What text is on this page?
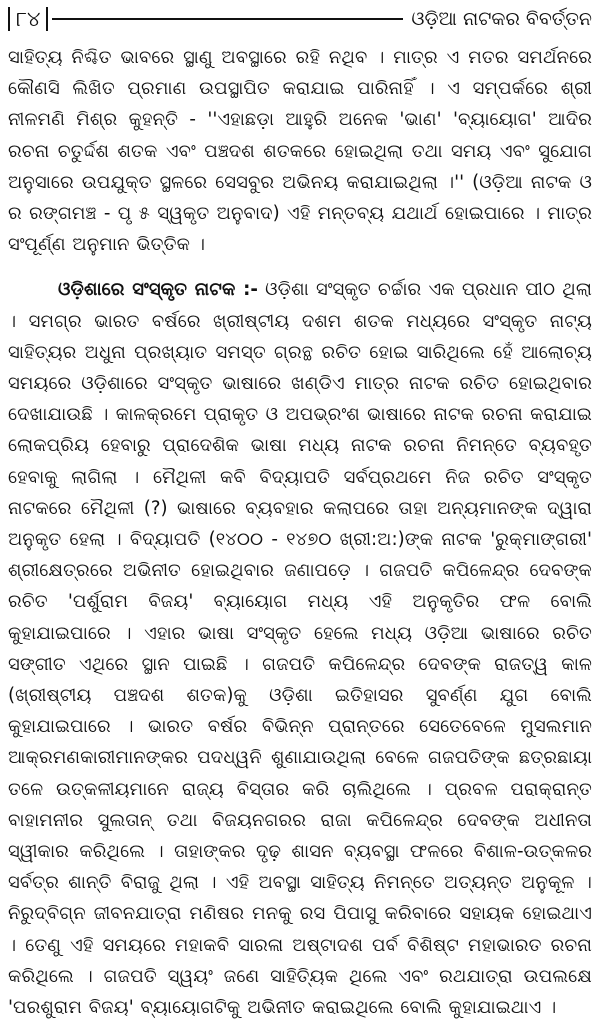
୮୪	ଓଡ଼ିଆ ନାଟକର ବିବର୍ତ୍ତନ

ସାହିତ୍ୟ ନିଶ୍ଚିତ ଭାବରେ ସ୍ଥାଣୁ ଅବସ୍ଥାରେ ରହି ନଥିବ । ମାତ୍ର ଏ ମତର ସମର୍ଥନରେ କୌଣସି ଲିଖିତ ପ୍ରମାଣ ଉପସ୍ଥାପିତ କରାଯାଇ ପାରିନାହିଁ । ଏ ସମ୍ପର୍କରେ ଶ୍ରୀ ନୀଳମଣି ମିଶ୍ର କୁହନ୍ତି - ''ଏହାଛଡ଼ା ଆହୁରି ଅନେକ 'ଭାଣ' 'ବ୍ୟାୟୋଗ' ଆଦିର ରଚନା ଚତୁର୍ଦ୍ଦଶ ଶତକ ଏବଂ ପଞ୍ଚଦଶ ଶତକରେ ହୋଇଥିଲା ତଥା ସମୟ ଏବଂ ସୁଯୋଗ ଅନୁସାରେ ଉପଯୁକ୍ତ ସ୍ଥଳରେ ସେସବୁର ଅଭିନୟ କରାଯାଇଥିଲା ।'' (ଓଡ଼ିଆ ନାଟକ ଓ ର ରଙ୍ଗମଞ୍ଚ - ପୃ ୫ ସ୍ୱକୃତ ଅନୁବାଦ) ଏହି ମନ୍ତବ୍ୟ ଯଥାର୍ଥ ହୋଇପାରେ । ମାତ୍ର ସଂପୂର୍ଣ୍ଣ ଅନୁମାନ ଭିତ୍ତିକ ।

ଓଡ଼ିଶାରେ ସଂସ୍କୃତ ନାଟକ :- ଓଡ଼ିଶା ସଂସ୍କୃତ ଚର୍ଚ୍ଚାର ଏକ ପ୍ରଧାନ ପୀଠ ଥିଲା । ସମଗ୍ର ଭାରତ ବର୍ଷରେ ଖ୍ରୀଷ୍ଟୀୟ ଦଶମ ଶତକ ମଧ୍ୟରେ ସଂସ୍କୃତ ନାଟ୍ୟ ସାହିତ୍ୟର ଅଧୁନା ପ୍ରଖ୍ୟାତ ସମସ୍ତ ଗ୍ରନ୍ଥ ରଚିତ ହୋଇ ସାରିଥିଲେ ହେଁ ଆଲୋଚ୍ୟ ସମୟରେ ଓଡ଼ିଶାରେ ସଂସ୍କୃତ ଭାଷାରେ ଖଣ୍ଡିଏ ମାତ୍ର ନାଟକ ରଚିତ ହୋଇଥିବାର ଦେଖାଯାଉଛି । କାଳକ୍ରମେ ପ୍ରାକୃତ ଓ ଅପଭ୍ରଂଶ ଭାଷାରେ ନାଟକ ରଚନା କରାଯାଇ ଲୋକପ୍ରିୟ ହେବାରୁ ପ୍ରାଦେଶିକ ଭାଷା ମଧ୍ୟ ନାଟକ ରଚନା ନିମନ୍ତେ ବ୍ୟବହୃତ ହେବାକୁ ଲାଗିଲା । ମୈଥିଳୀ କବି ବିଦ୍ୟାପତି ସର୍ବପ୍ରଥମେ ନିଜ ରଚିତ ସଂସ୍କୃତ ନାଟକରେ ମୈଥିଳୀ (?) ଭାଷାରେ ବ୍ୟବହାର କଲାପରେ ତାହା ଅନ୍ୟମାନଙ୍କ ଦ୍ୱାରା ଅନୁକୃତ ହେଲା । ବିଦ୍ୟାପତି (୧୪୦୦ - ୧୪୭୦ ଖ୍ରୀ:ଅ:)ଙ୍କ ନାଟକ 'ରୁକ୍ମାଙ୍ଗରୀ' ଶ୍ରୀକ୍ଷେତ୍ରରେ ଅଭିନୀତ ହୋଇଥିବାର ଜଣାପଡ଼େ । ଗଜପତି କପିଳେନ୍ଦ୍ର ଦେବଙ୍କ ରଚିତ 'ପର୍ଶୁରାମ ବିଜୟ' ବ୍ୟାୟୋଗ ମଧ୍ୟ ଏହି ଅନୁକୃତିର ଫଳ ବୋଲି କୁହାଯାଇପାରେ । ଏହାର ଭାଷା ସଂସ୍କୃତ ହେଲେ ମଧ୍ୟ ଓଡ଼ିଆ ଭାଷାରେ ରଚିତ ସଙ୍ଗୀତ ଏଥିରେ ସ୍ଥାନ ପାଇଛି । ଗଜପତି କପିଳେନ୍ଦ୍ର ଦେବଙ୍କ ରାଜତ୍ୱ କାଳ (ଖ୍ରୀଷ୍ଟୀୟ ପଞ୍ଚଦଶ ଶତକ)କୁ ଓଡ଼ିଶା ଇତିହାସର ସୁବର୍ଣ୍ଣ ଯୁଗ ବୋଲି କୁହାଯାଇପାରେ । ଭାରତ ବର୍ଷର ବିଭିନ୍ନ ପ୍ରାନ୍ତରେ ସେତେବେଳେ ମୁସଲମାନ ଆକ୍ରମଣକାରୀମାନଙ୍କର ପଦଧ୍ୱନି ଶୁଣାଯାଉଥିଲା ବେଳେ ଗଜପତିଙ୍କ ଛତ୍ରଛାୟା ତଳେ ଉତ୍କଳୀୟମାନେ ରାଜ୍ୟ ବିସ୍ତାର କରି ଚାଲିଥିଲେ । ପ୍ରବଳ ପରାକ୍ରାନ୍ତ ବାହାମନୀର ସୁଲତାନ୍ ତଥା ବିଜୟନଗରର ରାଜା କପିଳେନ୍ଦ୍ର ଦେବଙ୍କ ଅଧୀନତା ସ୍ୱୀକାର କରିଥିଲେ । ତାହାଙ୍କର ଦୃଢ଼ ଶାସନ ବ୍ୟବସ୍ଥା ଫଳରେ ବିଶାଳ-ଉତ୍କଳର ସର୍ବତ୍ର ଶାନ୍ତି ବିରାଜୁ ଥିଲା । ଏହି ଅବସ୍ଥା ସାହିତ୍ୟ ନିମନ୍ତେ ଅତ୍ୟନ୍ତ ଅନୁକୂଳ । ନିରୁଦ୍ବିଗ୍ନ ଜୀବନଯାତ୍ରା ମଣିଷର ମନକୁ ରସ ପିପାସୁ କରିବାରେ ସହାୟକ ହୋଇଥାଏ । ତେଣୁ ଏହି ସମୟରେ ମହାକବି ସାରଳା ଅଷ୍ଟାଦଶ ପର୍ବ ବିଶିଷ୍ଟ ମହାଭାରତ ରଚନା କରିଥିଲେ । ଗଜପତି ସ୍ୱୟଂ ଜଣେ ସାହିତ୍ୟିକ ଥିଲେ ଏବଂ ରଥଯାତ୍ରା ଉପଲକ୍ଷେ 'ପରଶୁରାମ ବିଜୟ' ବ୍ୟାୟୋଗଟିକୁ ଅଭିନୀତ କରାଇଥିଲେ ବୋଲି କୁହାଯାଇଥାଏ ।
